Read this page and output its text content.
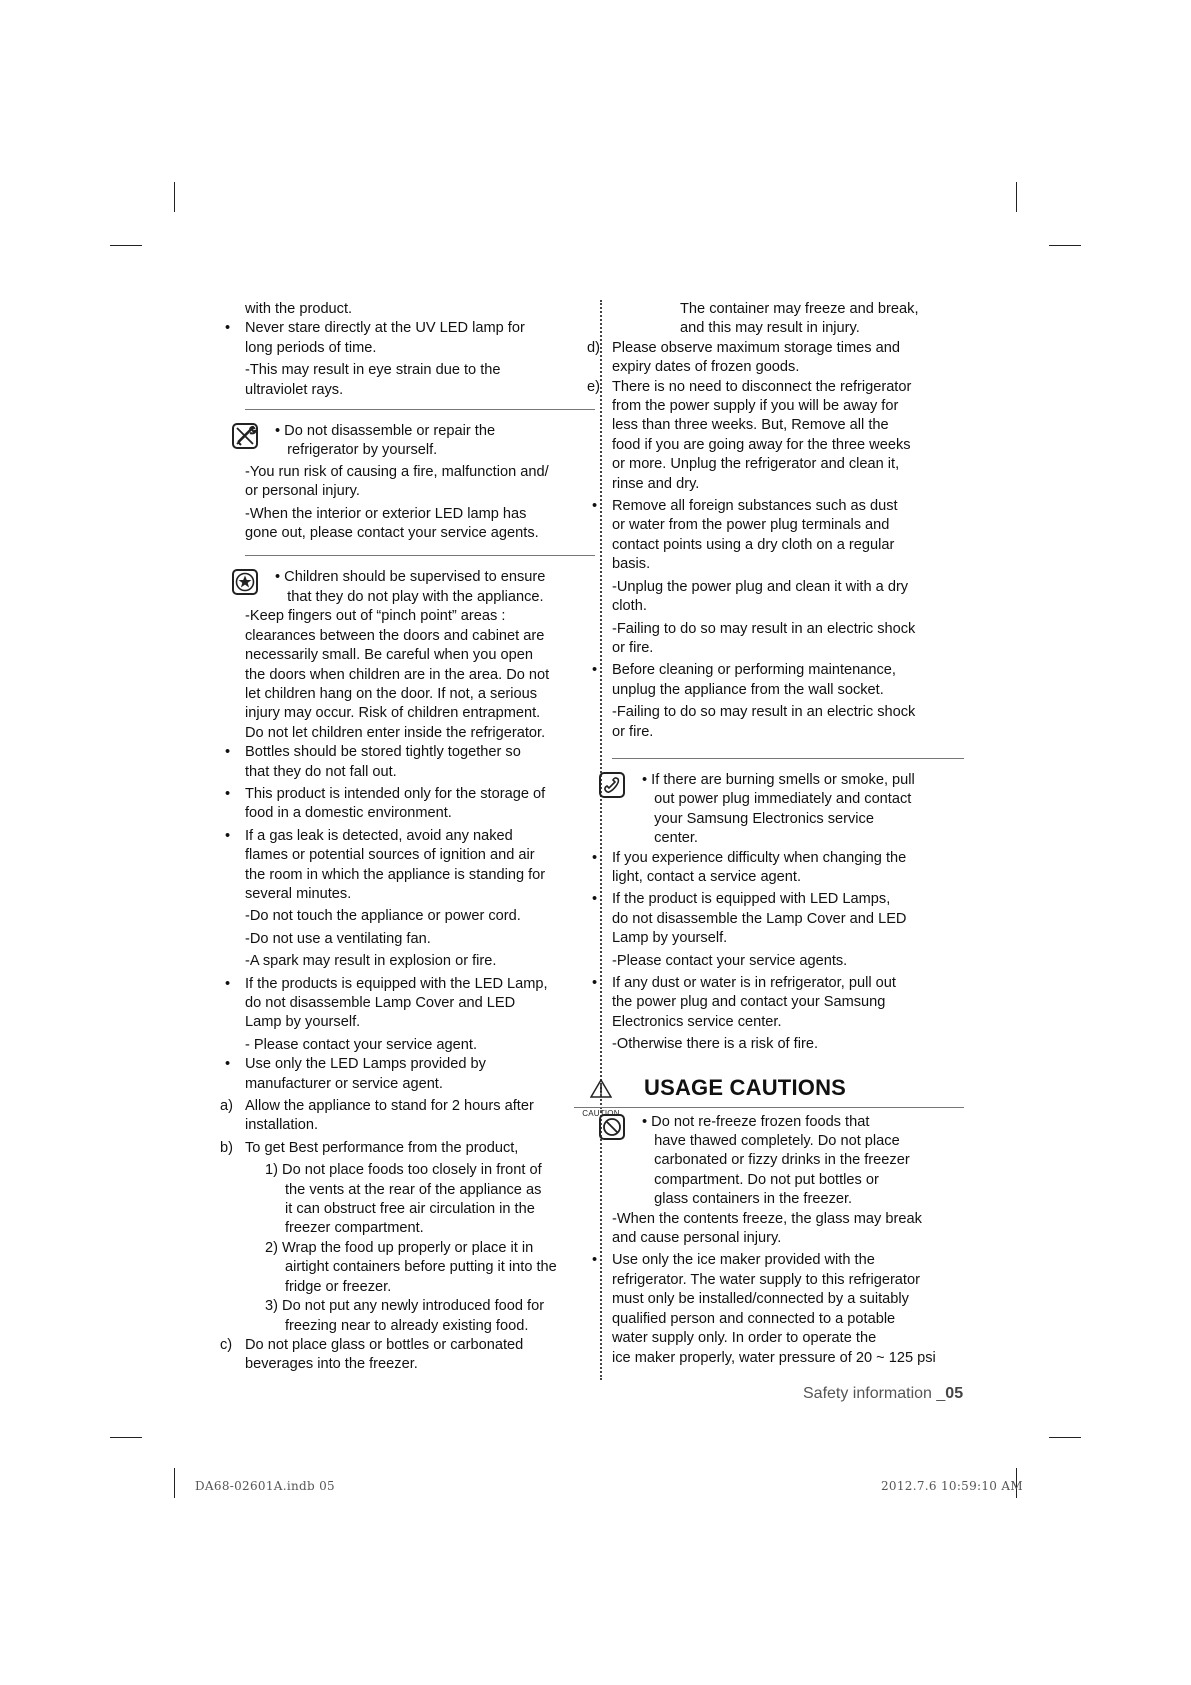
with the product.
• Never stare directly at the UV LED lamp for
long periods of time.
-This may result in eye strain due to the
ultraviolet rays.
• Do not disassemble or repair the
refrigerator by yourself.
-You run risk of causing a fire, malfunction and/
or personal injury.
-When the interior or exterior LED lamp has
gone out, please contact your service agents.
• Children should be supervised to ensure
that they do not play with the appliance.
-Keep fingers out of “pinch point” areas :
clearances between the doors and cabinet are
necessarily small. Be careful when you open
the doors when children are in the area. Do not
let children hang on the door. If not, a serious
injury may occur. Risk of children entrapment.
Do not let children enter inside the refrigerator.
• Bottles should be stored tightly together so
that they do not fall out.
• This product is intended only for the storage of
food in a domestic environment.
• If a gas leak is detected, avoid any naked
flames or potential sources of ignition and air
the room in which the appliance is standing for
several minutes.
-Do not touch the appliance or power cord.
-Do not use a ventilating fan.
-A spark may result in explosion or fire.
• If the products is equipped with the LED Lamp,
do not disassemble Lamp Cover and LED
Lamp by yourself.
- Please contact your service agent.
• Use only the LED Lamps provided by
manufacturer or service agent.
a) Allow the appliance to stand for 2 hours after
installation.
b) To get Best performance from the product,
1) Do not place foods too closely in front of
the vents at the rear of the appliance as
it can obstruct free air circulation in the
freezer compartment.
2) Wrap the food up properly or place it in
airtight containers before putting it into the
fridge or freezer.
3) Do not put any newly introduced food for
freezing near to already existing food.
c) Do not place glass or bottles or carbonated
beverages into the freezer.
The container may freeze and break,
and this may result in injury.
d) Please observe maximum storage times and
expiry dates of frozen goods.
e) There is no need to disconnect the refrigerator
from the power supply if you will be away for
less than three weeks. But, Remove all the
food if you are going away for the three weeks
or more. Unplug the refrigerator and clean it,
rinse and dry.
• Remove all foreign substances such as dust
or water from the power plug terminals and
contact points using a dry cloth on a regular
basis.
-Unplug the power plug and clean it with a dry
cloth.
-Failing to do so may result in an electric shock
or fire.
• Before cleaning or performing maintenance,
unplug the appliance from the wall socket.
-Failing to do so may result in an electric shock
or fire.
• If there are burning smells or smoke, pull
out power plug immediately and contact
your Samsung Electronics service
center.
• If you experience difficulty when changing the
light, contact a service agent.
• If the product is equipped with LED Lamps,
do not disassemble the Lamp Cover and LED
Lamp by yourself.
-Please contact your service agents.
• If any dust or water is in refrigerator, pull out
the power plug and contact your Samsung
Electronics service center.
-Otherwise there is a risk of fire.
CAUTION
USAGE CAUTIONS
• Do not re-freeze frozen foods that
have thawed completely. Do not place
carbonated or fizzy drinks in the freezer
compartment. Do not put bottles or
glass containers in the freezer.
-When the contents freeze, the glass may break
and cause personal injury.
• Use only the ice maker provided with the
refrigerator. The water supply to this refrigerator
must only be installed/connected by a suitably
qualified person and connected to a potable
water supply only. In order to operate the
ice maker properly, water pressure of 20 ~ 125 psi
Safety information _05
DA68-02601A.indb 05	2012.7.6 10:59:10 AM
